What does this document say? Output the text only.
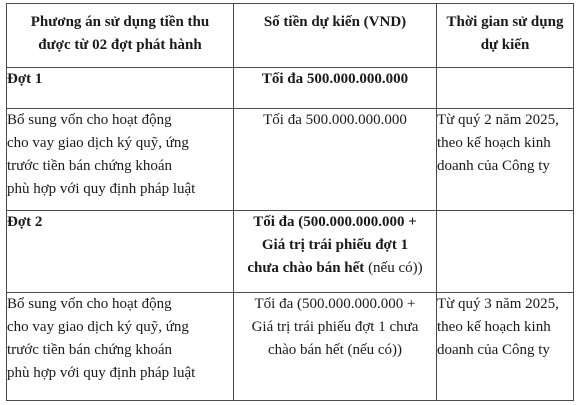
Phương án sử dụng tiền thu
được từ 02 đợt phát hành	Số tiền dự kiến (VND)	Thời gian sử dụng
dự kiến

Đợt 1	Tối đa 500.000.000.000	

Bổ sung vốn cho hoạt động
cho vay giao dịch ký quỹ, ứng
trước tiền bán chứng khoán
phù hợp với quy định pháp luật	Tối đa 500.000.000.000	Từ quý 2 năm 2025,
theo kế hoạch kinh
doanh của Công ty

Đợt 2	Tối đa (500.000.000.000 +
Giá trị trái phiếu đợt 1
chưa chào bán hết (nếu có))	

Bổ sung vốn cho hoạt động
cho vay giao dịch ký quỹ, ứng
trước tiền bán chứng khoán
phù hợp với quy định pháp luật	Tối đa (500.000.000.000 +
Giá trị trái phiếu đợt 1 chưa
chào bán hết (nếu có))	Từ quý 3 năm 2025,
theo kế hoạch kinh
doanh của Công ty
